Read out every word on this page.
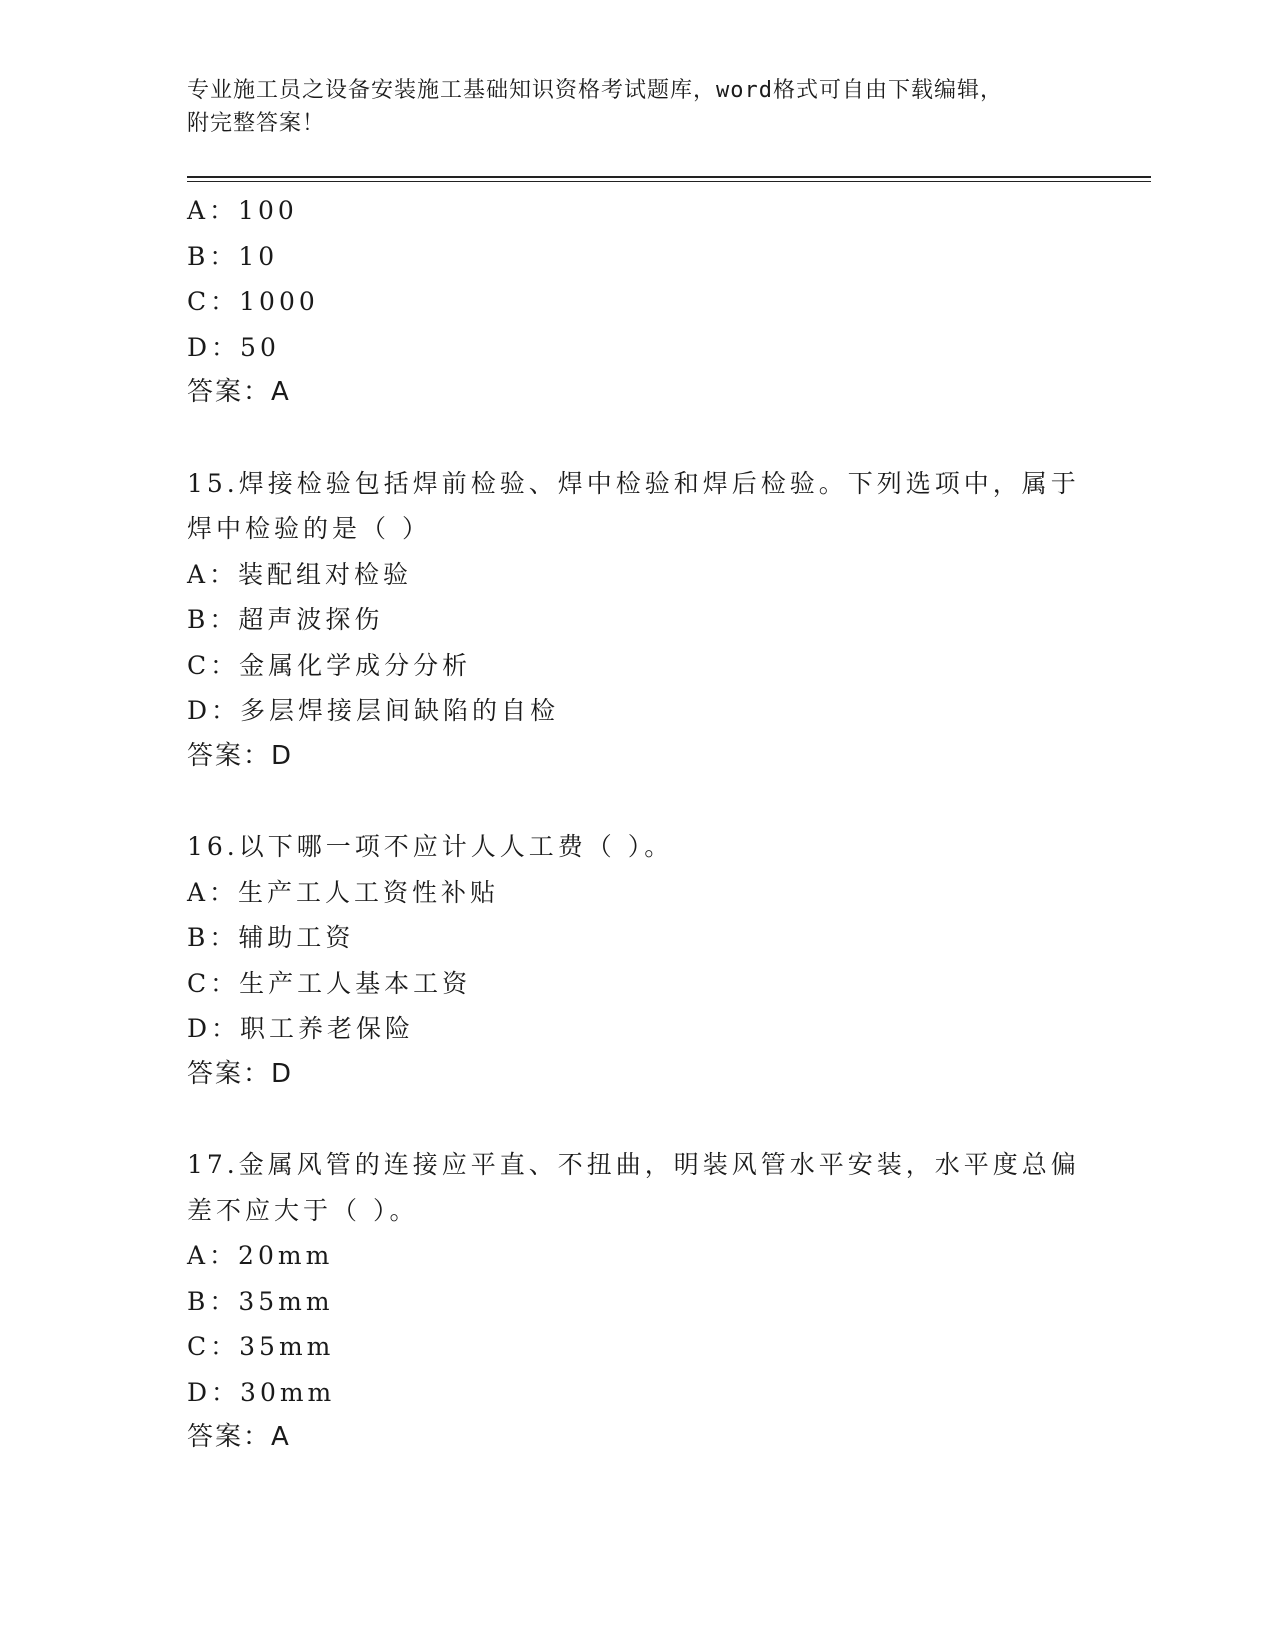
专业施工员之设备安装施工基础知识资格考试题库，word格式可自由下载编辑，
附完整答案！
A：100
B：10
C：1000
D：50
答案：A
15.焊接检验包括焊前检验、焊中检验和焊后检验。下列选项中，属于
焊中检验的是（ ）
A：装配组对检验
B：超声波探伤
C：金属化学成分分析
D：多层焊接层间缺陷的自检
答案：D
16.以下哪一项不应计人人工费（ ）。
A：生产工人工资性补贴
B：辅助工资
C：生产工人基本工资
D：职工养老保险
答案：D
17.金属风管的连接应平直、不扭曲，明装风管水平安装，水平度总偏
差不应大于（ ）。
A：20mm
B：35mm
C：35mm
D：30mm
答案：A
